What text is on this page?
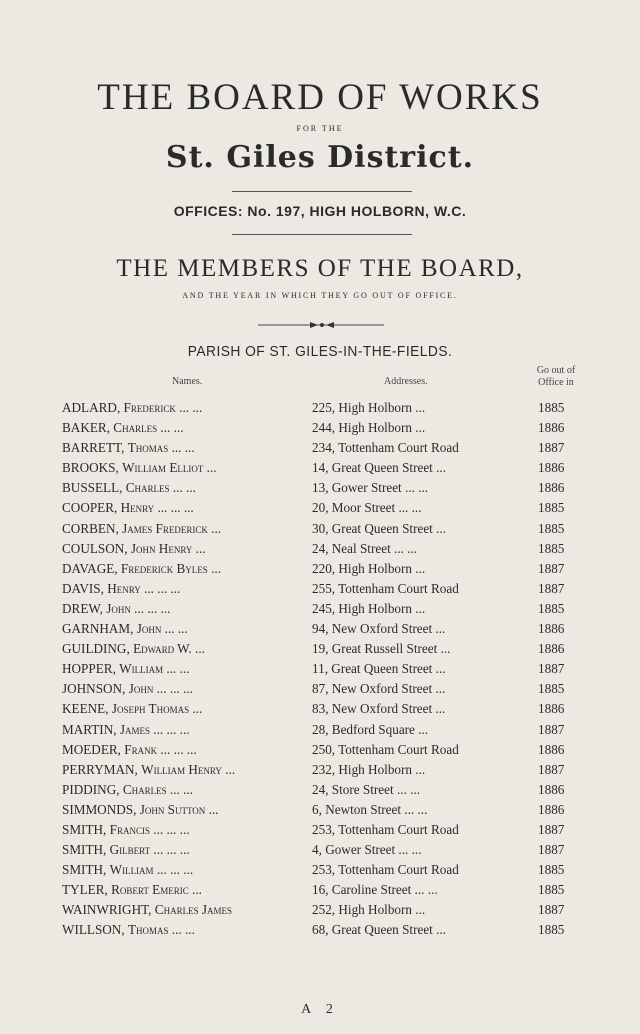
THE BOARD OF WORKS
FOR THE
St. Giles District.
OFFICES: No. 197, HIGH HOLBORN, W.C.
THE MEMBERS OF THE BOARD,
AND THE YEAR IN WHICH THEY GO OUT OF OFFICE.
PARISH OF ST. GILES-IN-THE-FIELDS.
Names.	Addresses.
Go out of
Office in
ADLARD, Frederick ... ...	225, High Holborn ...	1885
BAKER, Charles ... ...	244, High Holborn ...	1886
BARRETT, Thomas ... ...	234, Tottenham Court Road	1887
BROOKS, William Elliot ...	14, Great Queen Street ...	1886
BUSSELL, Charles ... ...	13, Gower Street ... ...	1886
COOPER, Henry ... ... ...	20, Moor Street ... ...	1885
CORBEN, James Frederick ...	30, Great Queen Street ...	1885
COULSON, John Henry ...	24, Neal Street ... ...	1885
DAVAGE, Frederick Byles ...	220, High Holborn ...	1887
DAVIS, Henry ... ... ...	255, Tottenham Court Road	1887
DREW, John ... ... ...	245, High Holborn ...	1885
GARNHAM, John ... ...	94, New Oxford Street ...	1886
GUILDING, Edward W. ...	19, Great Russell Street ...	1886
HOPPER, William ... ...	11, Great Queen Street ...	1887
JOHNSON, John ... ... ...	87, New Oxford Street ...	1885
KEENE, Joseph Thomas ...	83, New Oxford Street ...	1886
MARTIN, James ... ... ...	28, Bedford Square ...	1887
MOEDER, Frank ... ... ...	250, Tottenham Court Road	1886
PERRYMAN, William Henry ...	232, High Holborn ...	1887
PIDDING, Charles ... ...	24, Store Street ... ...	1886
SIMMONDS, John Sutton ...	6, Newton Street ... ...	1886
SMITH, Francis ... ... ...	253, Tottenham Court Road	1887
SMITH, Gilbert ... ... ...	4, Gower Street ... ...	1887
SMITH, William ... ... ...	253, Tottenham Court Road	1885
TYLER, Robert Emeric ...	16, Caroline Street ... ...	1885
WAINWRIGHT, Charles James	252, High Holborn ...	1887
WILLSON, Thomas ... ...	68, Great Queen Street ...	1885
A 2
